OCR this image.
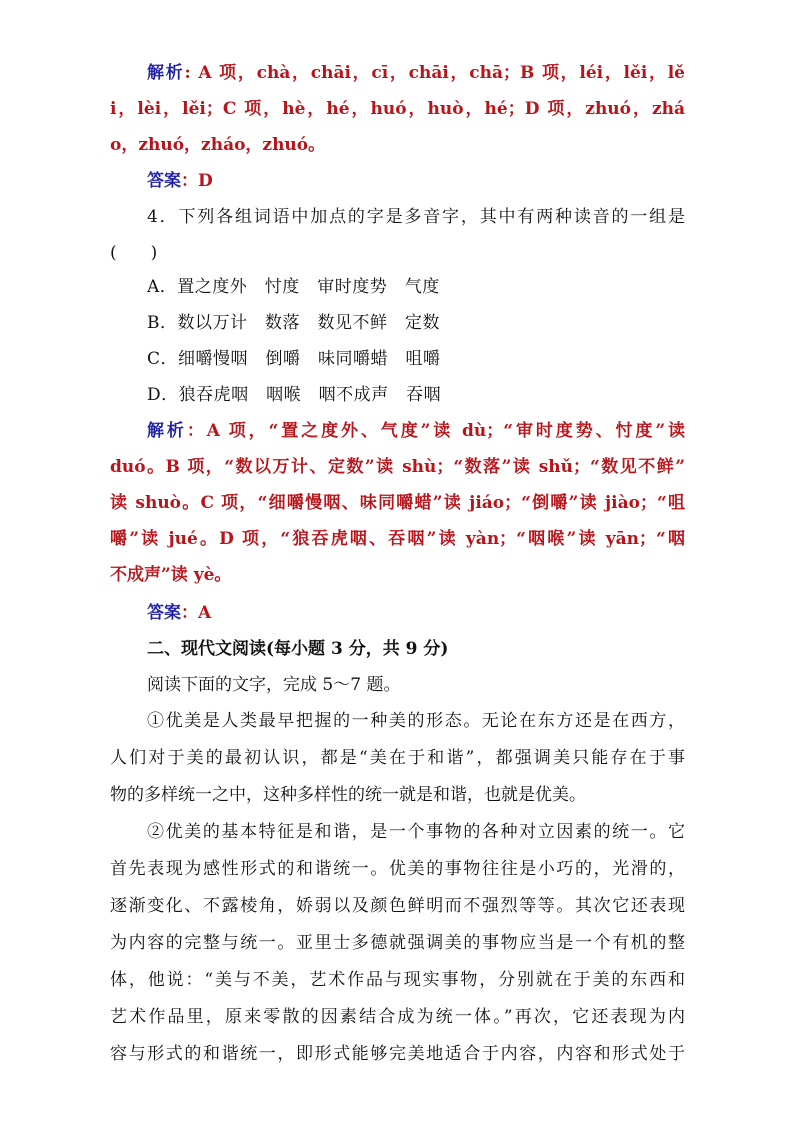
解析: A 项，chà，chāi，cī，chāi，chā；B 项，léi，lěi，lě
i，lèi，lěi；C 项，hè，hé，huó，huò，hé；D 项，zhuó，zhá
o，zhuó，zháo，zhuó。
答案：D
4．下列各组词语中加点的字是多音字，其中有两种读音的一组是
(　　)
A．置之度外　忖度　审时度势　气度
B．数以万计　数落　数见不鲜　定数
C．细嚼慢咽　倒嚼　味同嚼蜡　咀嚼
D．狼吞虎咽　咽喉　咽不成声　吞咽
解析：A 项，“置之度外、气度”读 dù；“审时度势、忖度”读
duó。B 项，“数以万计、定数”读 shù；“数落”读 shǔ；“数见不鲜”
读 shuò。C 项，“细嚼慢咽、味同嚼蜡”读 jiáo；“倒嚼”读 jiào；“咀
嚼”读 jué。D 项，“狼吞虎咽、吞咽”读 yàn；“咽喉”读 yān；“咽
不成声”读 yè。
答案：A
二、现代文阅读(每小题 3 分，共 9 分)
阅读下面的文字，完成 5～7 题。
①优美是人类最早把握的一种美的形态。无论在东方还是在西方，
人们对于美的最初认识，都是“美在于和谐”，都强调美只能存在于事
物的多样统一之中，这种多样性的统一就是和谐，也就是优美。
②优美的基本特征是和谐，是一个事物的各种对立因素的统一。它
首先表现为感性形式的和谐统一。优美的事物往往是小巧的，光滑的，
逐渐变化、不露棱角，娇弱以及颜色鲜明而不强烈等等。其次它还表现
为内容的完整与统一。亚里士多德就强调美的事物应当是一个有机的整
体，他说：“美与不美，艺术作品与现实事物，分别就在于美的东西和
艺术作品里，原来零散的因素结合成为统一体。”再次，它还表现为内
容与形式的和谐统一，即形式能够完美地适合于内容，内容和形式处于
